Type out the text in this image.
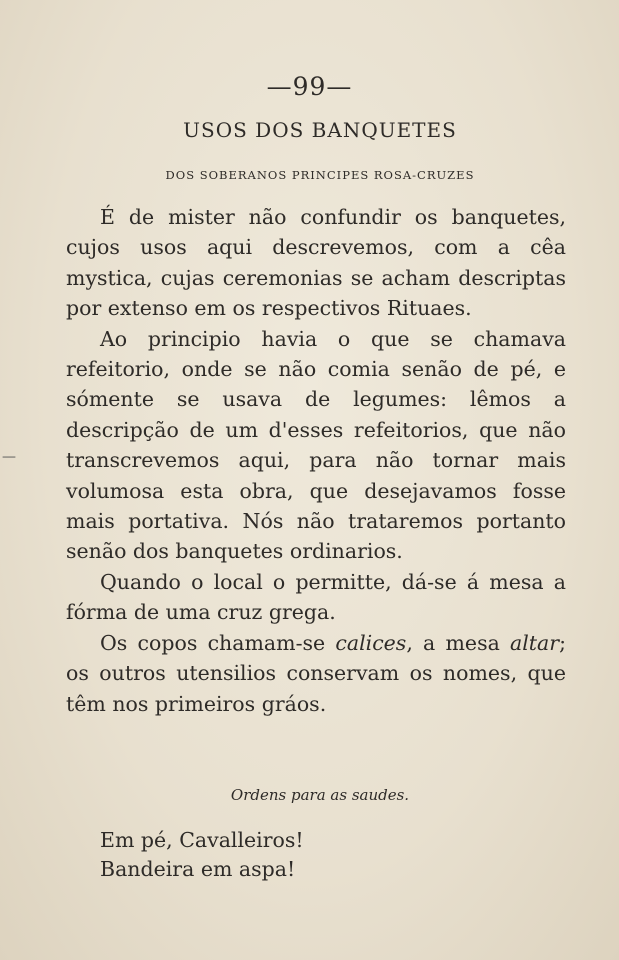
—99—
USOS DOS BANQUETES
DOS SOBERANOS PRINCIPES ROSA-CRUZES
—

É de mister não confundir os banquetes, cujos usos aqui descrevemos, com a cêa mystica, cujas ceremonias se acham descriptas por extenso em os respectivos Rituaes.

Ao principio havia o que se chamava refeitorio, onde se não comia senão de pé, e sómente se usava de legumes: lêmos a descripção de um d'esses refeitorios, que não transcrevemos aqui, para não tornar mais volumosa esta obra, que desejavamos fosse mais portativa. Nós não trataremos portanto senão dos banquetes ordinarios.

Quando o local o permitte, dá-se á mesa a fórma de uma cruz grega.

Os copos chamam-se calices, a mesa altar; os outros utensilios conservam os nomes, que têm nos primeiros gráos.

Ordens para as saudes.
Em pé, Cavalleiros!
Bandeira em aspa!
